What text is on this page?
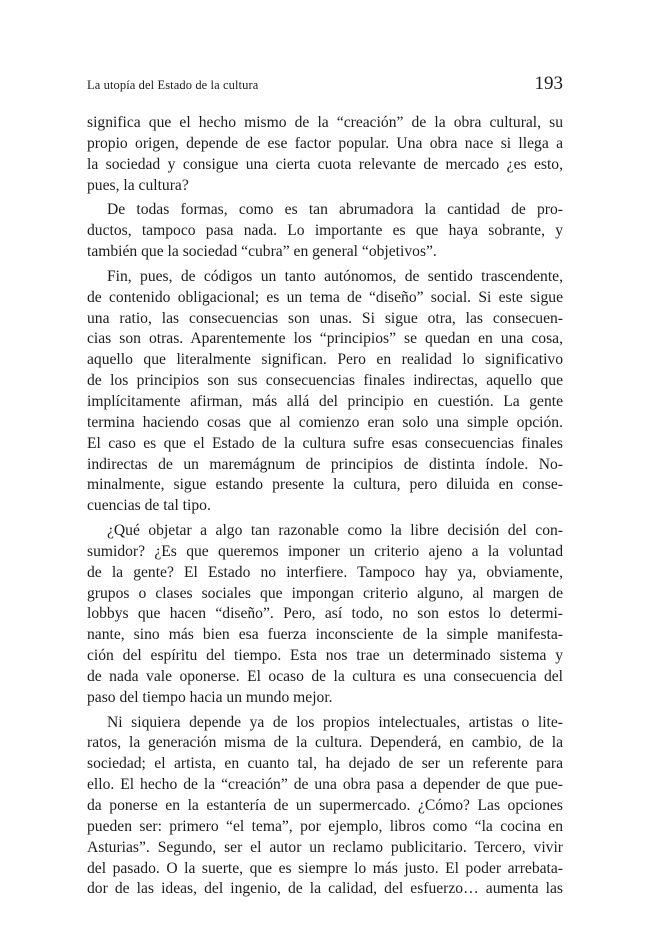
La utopía del Estado de la cultura	193

significa que el hecho mismo de la “creación” de la obra cultural, su
propio origen, depende de ese factor popular. Una obra nace si llega a
la sociedad y consigue una cierta cuota relevante de mercado ¿es esto,
pues, la cultura?

De todas formas, como es tan abrumadora la cantidad de pro-
ductos, tampoco pasa nada. Lo importante es que haya sobrante, y
también que la sociedad “cubra” en general “objetivos”.

Fin, pues, de códigos un tanto autónomos, de sentido trascendente,
de contenido obligacional; es un tema de “diseño” social. Si este sigue
una ratio, las consecuencias son unas. Si sigue otra, las consecuen-
cias son otras. Aparentemente los “principios” se quedan en una cosa,
aquello que literalmente significan. Pero en realidad lo significativo
de los principios son sus consecuencias finales indirectas, aquello que
implícitamente afirman, más allá del principio en cuestión. La gente
termina haciendo cosas que al comienzo eran solo una simple opción.
El caso es que el Estado de la cultura sufre esas consecuencias finales
indirectas de un maremágnum de principios de distinta índole. No-
minalmente, sigue estando presente la cultura, pero diluida en conse-
cuencias de tal tipo.

¿Qué objetar a algo tan razonable como la libre decisión del con-
sumidor? ¿Es que queremos imponer un criterio ajeno a la voluntad
de la gente? El Estado no interfiere. Tampoco hay ya, obviamente,
grupos o clases sociales que impongan criterio alguno, al margen de
lobbys que hacen “diseño”. Pero, así todo, no son estos lo determi-
nante, sino más bien esa fuerza inconsciente de la simple manifesta-
ción del espíritu del tiempo. Esta nos trae un determinado sistema y
de nada vale oponerse. El ocaso de la cultura es una consecuencia del
paso del tiempo hacia un mundo mejor.

Ni siquiera depende ya de los propios intelectuales, artistas o lite-
ratos, la generación misma de la cultura. Dependerá, en cambio, de la
sociedad; el artista, en cuanto tal, ha dejado de ser un referente para
ello. El hecho de la “creación” de una obra pasa a depender de que pue-
da ponerse en la estantería de un supermercado. ¿Cómo? Las opciones
pueden ser: primero “el tema”, por ejemplo, libros como “la cocina en
Asturias”. Segundo, ser el autor un reclamo publicitario. Tercero, vivir
del pasado. O la suerte, que es siempre lo más justo. El poder arrebata-
dor de las ideas, del ingenio, de la calidad, del esfuerzo… aumenta las
